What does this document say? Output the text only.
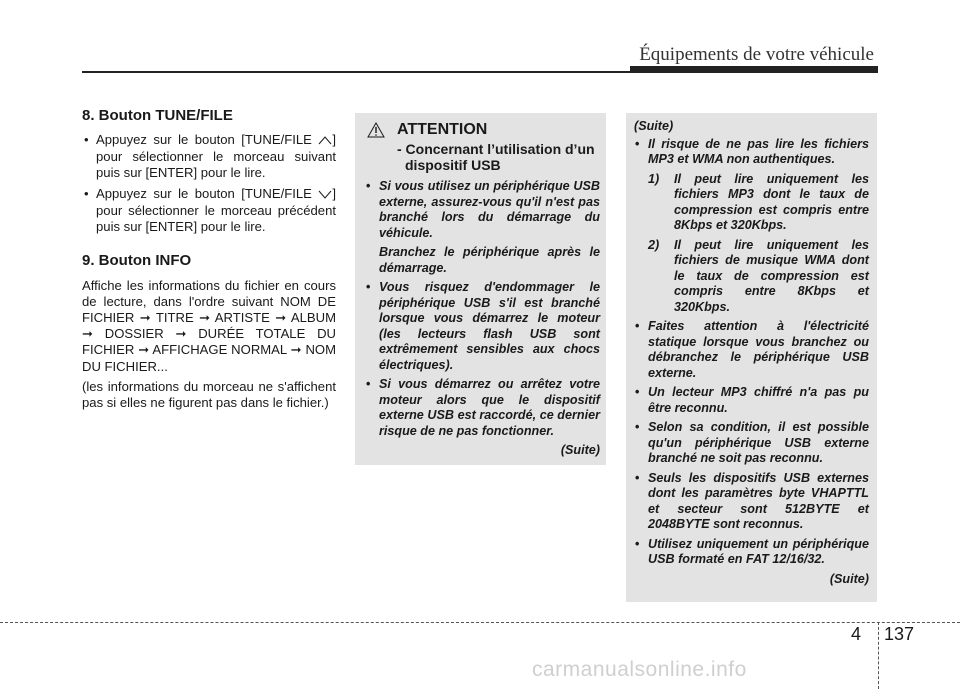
Équipements de votre véhicule
8. Bouton TUNE/FILE
• Appuyez sur le bouton [TUNE/FILE ] pour sélectionner le morceau suivant puis sur [ENTER] pour le lire.
• Appuyez sur le bouton [TUNE/FILE ] pour sélectionner le morceau précédent puis sur [ENTER] pour le lire.
9. Bouton INFO

Affiche les informations du fichier en cours de lecture, dans l'ordre suivant NOM DE FICHIER ➞ TITRE ➞ ARTISTE ➞ ALBUM ➞ DOSSIER ➞ DURÉE TOTALE DU FICHIER ➞ AFFICHAGE NORMAL ➞ NOM DU FICHIER...

(les informations du morceau ne s'affichent pas si elles ne figurent pas dans le fichier.)

ATTENTION
- Concernant l’utilisation d’un dispositif USB
• Si vous utilisez un périphérique USB externe, assurez-vous qu'il n'est pas branché lors du démarrage du véhicule.
Branchez le périphérique après le démarrage.
• Vous risquez d'endommager le périphérique USB s'il est branché lorsque vous démarrez le moteur (les lecteurs flash USB sont extrêmement sensibles aux chocs électriques).
• Si vous démarrez ou arrêtez votre moteur alors que le dispositif externe USB est raccordé, ce dernier risque de ne pas fonctionner.
(Suite)
(Suite)
• Il risque de ne pas lire les fichiers MP3 et WMA non authentiques.
1) Il peut lire uniquement les fichiers MP3 dont le taux de compression est compris entre 8Kbps et 320Kbps.
2) Il peut lire uniquement les fichiers de musique WMA dont le taux de compression est compris entre 8Kbps et 320Kbps.
• Faites attention à l'électricité statique lorsque vous branchez ou débranchez le périphérique USB externe.
• Un lecteur MP3 chiffré n'a pas pu être reconnu.
• Selon sa condition, il est possible qu'un périphérique USB externe branché ne soit pas reconnu.
• Seuls les dispositifs USB externes dont les paramètres byte VHAPTTL et secteur sont 512BYTE et 2048BYTE sont reconnus.
• Utilisez uniquement un périphérique USB formaté en FAT 12/16/32.
(Suite)
4 137
carmanualsonline.info
